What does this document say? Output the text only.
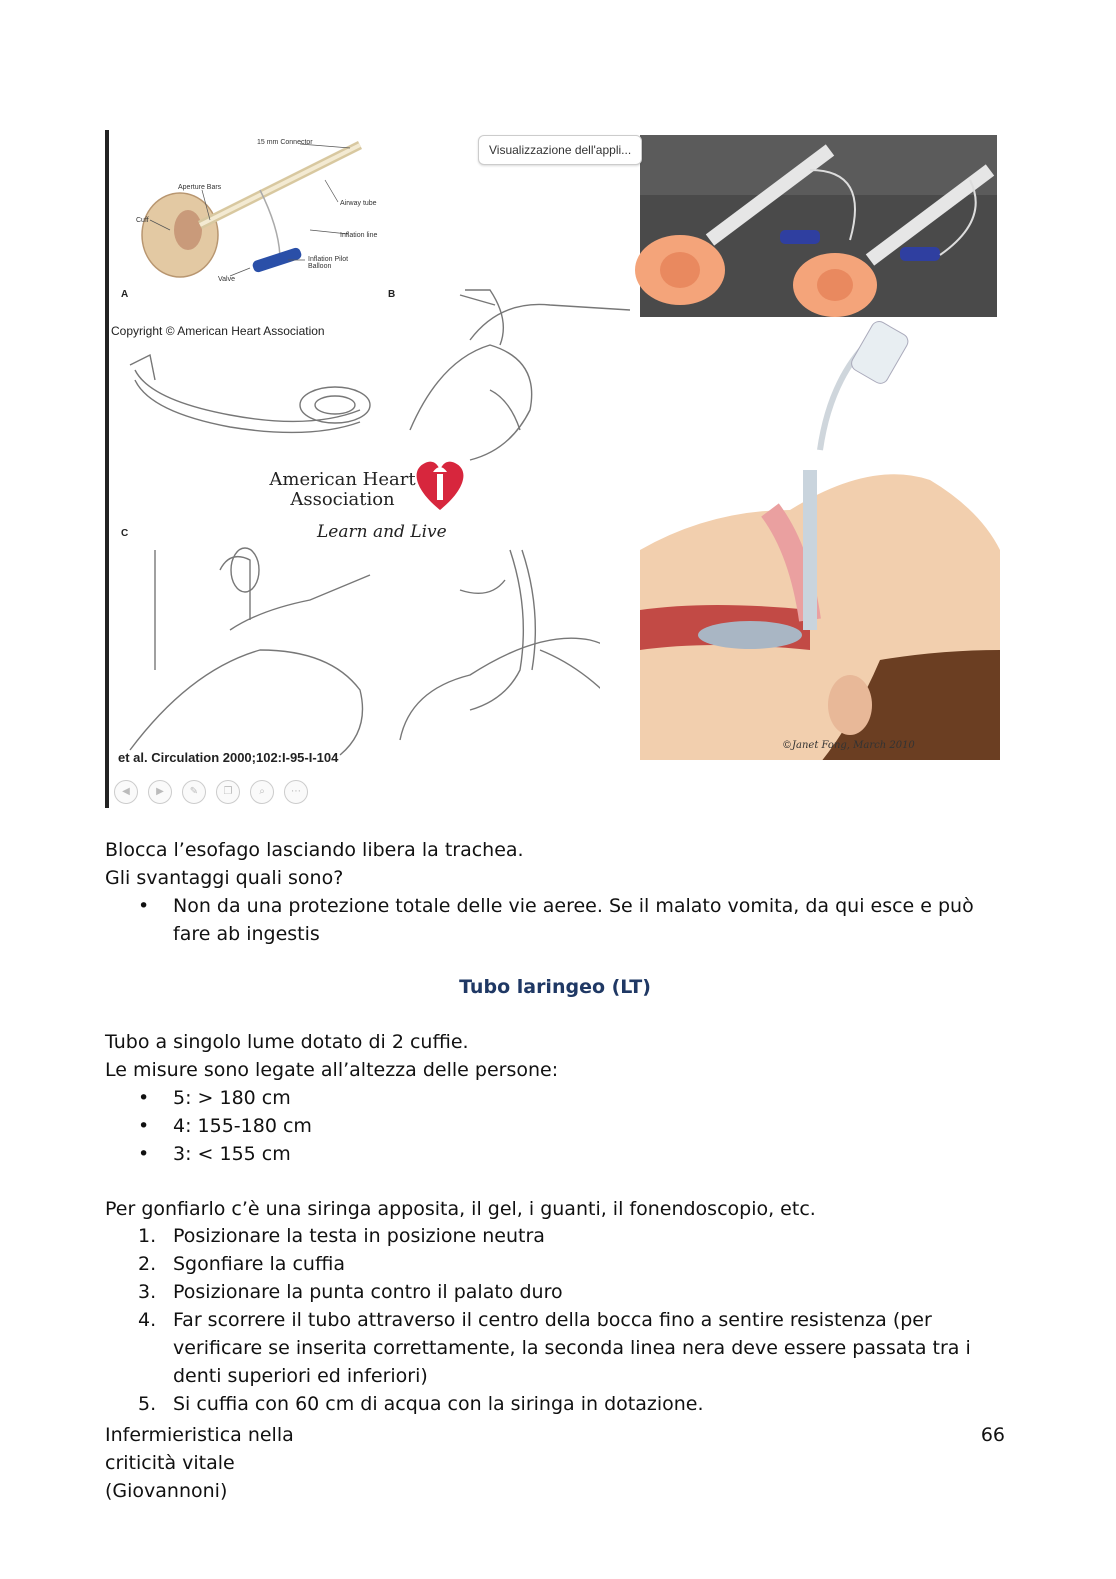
Visualizzazione dell'appli...
15 mm Connector
Aperture Bars
Cuff
Airway tube
Inflation line
Inflation Pilot Balloon
Valve
A	B
C
Copyright © American Heart Association
American Heart
Association
Learn and Live
et al. Circulation 2000;102:I-95-I-104
©Janet Fong, March 2010
◀	▶	✎	❐	⌕	⋯
Blocca l’esofago lasciando libera la trachea.
Gli svantaggi quali sono?
• Non da una protezione totale delle vie aeree. Se il malato vomita, da qui esce e può fare ab ingestis
Tubo laringeo (LT)
Tubo a singolo lume dotato di 2 cuffie.
Le misure sono legate all’altezza delle persone:
• 5: > 180 cm
• 4: 155-180 cm
• 3: < 155 cm
Per gonfiarlo c’è una siringa apposita, il gel, i guanti, il fonendoscopio, etc.
1. Posizionare la testa in posizione neutra
2. Sgonfiare la cuffia
3. Posizionare la punta contro il palato duro
4. Far scorrere il tubo attraverso il centro della bocca fino a sentire resistenza (per verificare se inserita correttamente, la seconda linea nera deve essere passata tra i denti superiori ed inferiori)
5. Si cuffia con 60 cm di acqua con la siringa in dotazione.
Infermieristica nella
criticità vitale
(Giovannoni)
66
